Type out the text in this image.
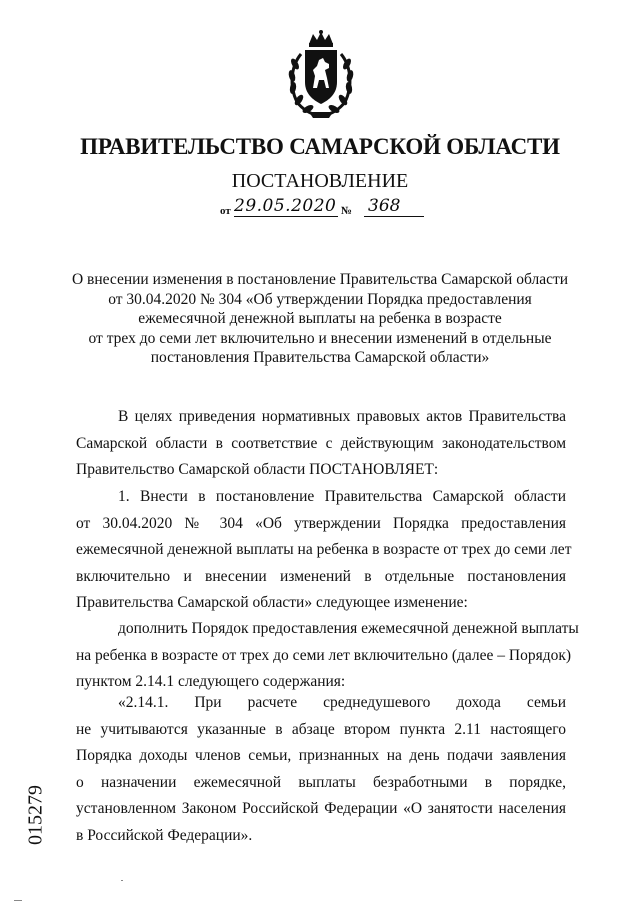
ПРАВИТЕЛЬСТВО САМАРСКОЙ ОБЛАСТИ
ПОСТАНОВЛЕНИЕ
от 29.05.2020 № 368
О внесении изменения в постановление Правительства Самарской области
от 30.04.2020 № 304 «Об утверждении Порядка предоставления
ежемесячной денежной выплаты на ребенка в возрасте
от трех до семи лет включительно и внесении изменений в отдельные
постановления Правительства Самарской области»
В целях приведения нормативных правовых актов Правительства
Самарской области в соответствие с действующим законодательством
Правительство Самарской области ПОСТАНОВЛЯЕТ:
1. Внести в постановление Правительства Самарской области
от 30.04.2020 № 304 «Об утверждении Порядка предоставления
ежемесячной денежной выплаты на ребенка в возрасте от трех до семи лет
включительно и внесении изменений в отдельные постановления
Правительства Самарской области» следующее изменение:
дополнить Порядок предоставления ежемесячной денежной выплаты
на ребенка в возрасте от трех до семи лет включительно (далее – Порядок)
пунктом 2.14.1 следующего содержания:
«2.14.1. При расчете среднедушевого дохода семьи
не учитываются указанные в абзаце втором пункта 2.11 настоящего
Порядка доходы членов семьи, признанных на день подачи заявления
о назначении ежемесячной выплаты безработными в порядке,
установленном Законом Российской Федерации «О занятости населения
в Российской Федерации».
015279
